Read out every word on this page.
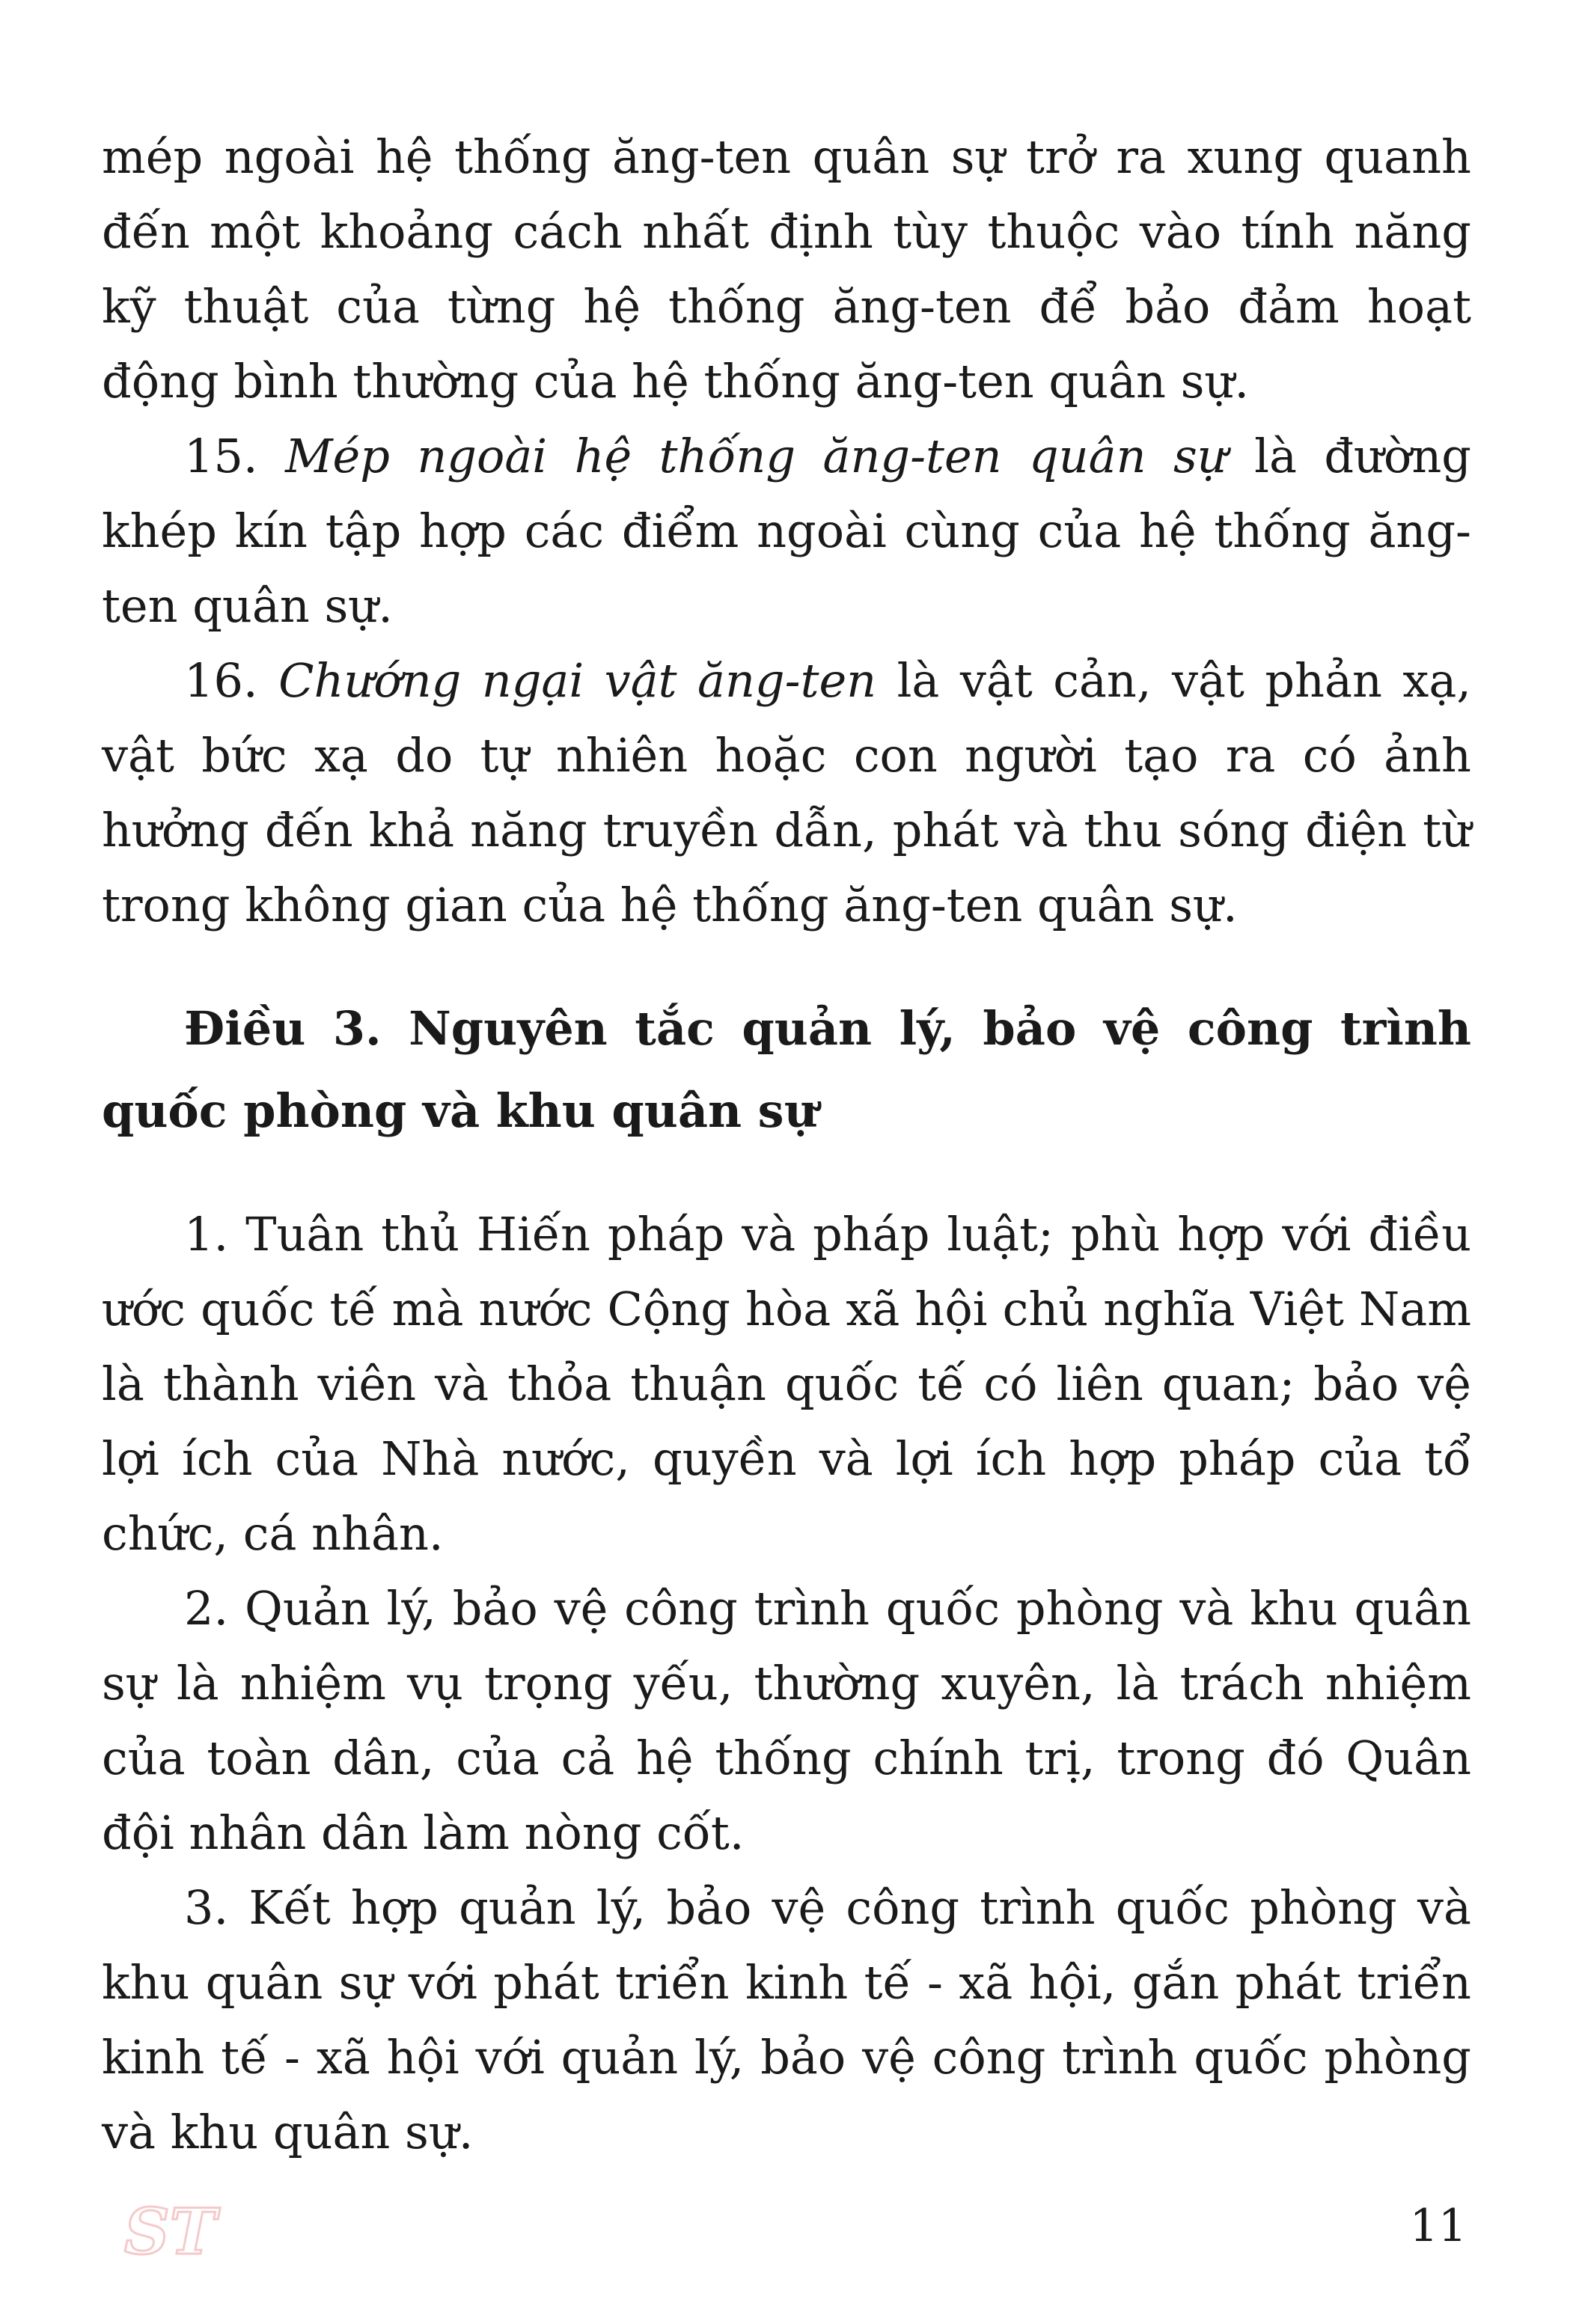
mép ngoài hệ thống ăng-ten quân sự trở ra xung quanh đến một khoảng cách nhất định tùy thuộc vào tính năng kỹ thuật của từng hệ thống ăng-ten để bảo đảm hoạt động bình thường của hệ thống ăng-ten quân sự.

15. Mép ngoài hệ thống ăng-ten quân sự là đường khép kín tập hợp các điểm ngoài cùng của hệ thống ăng-ten quân sự.

16. Chướng ngại vật ăng-ten là vật cản, vật phản xạ, vật bức xạ do tự nhiên hoặc con người tạo ra có ảnh hưởng đến khả năng truyền dẫn, phát và thu sóng điện từ trong không gian của hệ thống ăng-ten quân sự.

Điều 3. Nguyên tắc quản lý, bảo vệ công trình quốc phòng và khu quân sự

1. Tuân thủ Hiến pháp và pháp luật; phù hợp với điều ước quốc tế mà nước Cộng hòa xã hội chủ nghĩa Việt Nam là thành viên và thỏa thuận quốc tế có liên quan; bảo vệ lợi ích của Nhà nước, quyền và lợi ích hợp pháp của tổ chức, cá nhân.

2. Quản lý, bảo vệ công trình quốc phòng và khu quân sự là nhiệm vụ trọng yếu, thường xuyên, là trách nhiệm của toàn dân, của cả hệ thống chính trị, trong đó Quân đội nhân dân làm nòng cốt.

3. Kết hợp quản lý, bảo vệ công trình quốc phòng và khu quân sự với phát triển kinh tế - xã hội, gắn phát triển kinh tế - xã hội với quản lý, bảo vệ công trình quốc phòng và khu quân sự.

ST	11
